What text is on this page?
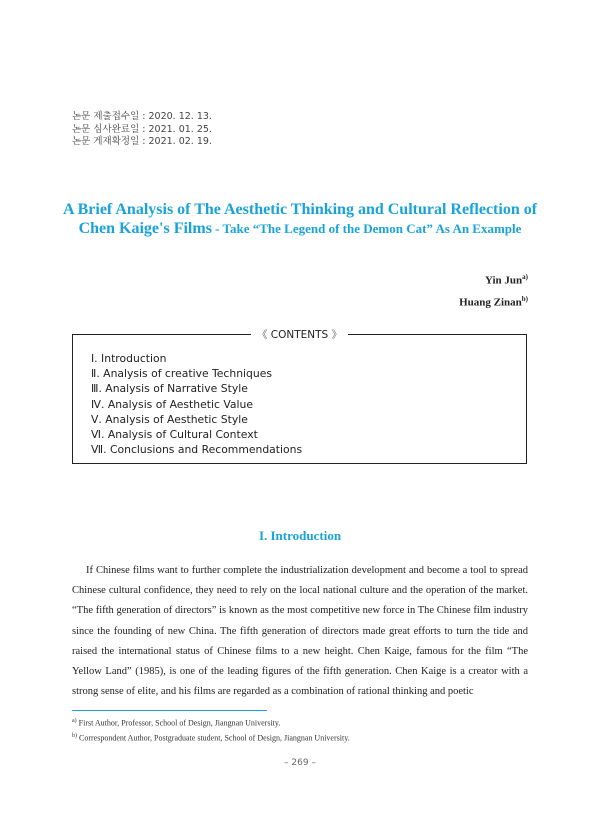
논문 제출접수일 : 2020. 12. 13.
논문 심사완료일 : 2021. 01. 25.
논문 게재확정일 : 2021. 02. 19.
A Brief Analysis of The Aesthetic Thinking and Cultural Reflection of
Chen Kaige's Films - Take “The Legend of the Demon Cat” As An Example
Yin Jun$^{a)}$
Huang Zinan$^{b)}$
《 CONTENTS 》
Ⅰ. Introduction
Ⅱ. Analysis of creative Techniques
Ⅲ. Analysis of Narrative Style
Ⅳ. Analysis of Aesthetic Value
Ⅴ. Analysis of Aesthetic Style
Ⅵ. Analysis of Cultural Context
Ⅶ. Conclusions and Recommendations
I. Introduction

If Chinese films want to further complete the industrialization development and become a tool to spread Chinese cultural confidence, they need to rely on the local national culture and the operation of the market. “The fifth generation of directors” is known as the most competitive new force in The Chinese film industry since the founding of new China. The fifth generation of directors made great efforts to turn the tide and raised the international status of Chinese films to a new height. Chen Kaige, famous for the film “The Yellow Land” (1985), is one of the leading figures of the fifth generation. Chen Kaige is a creator with a strong sense of elite, and his films are regarded as a combination of rational thinking and poetic

$^{a)}$ First Author, Professor, School of Design, Jiangnan University.
$^{b)}$ Correspondent Author, Postgraduate student, School of Design, Jiangnan University.
– 269 –
